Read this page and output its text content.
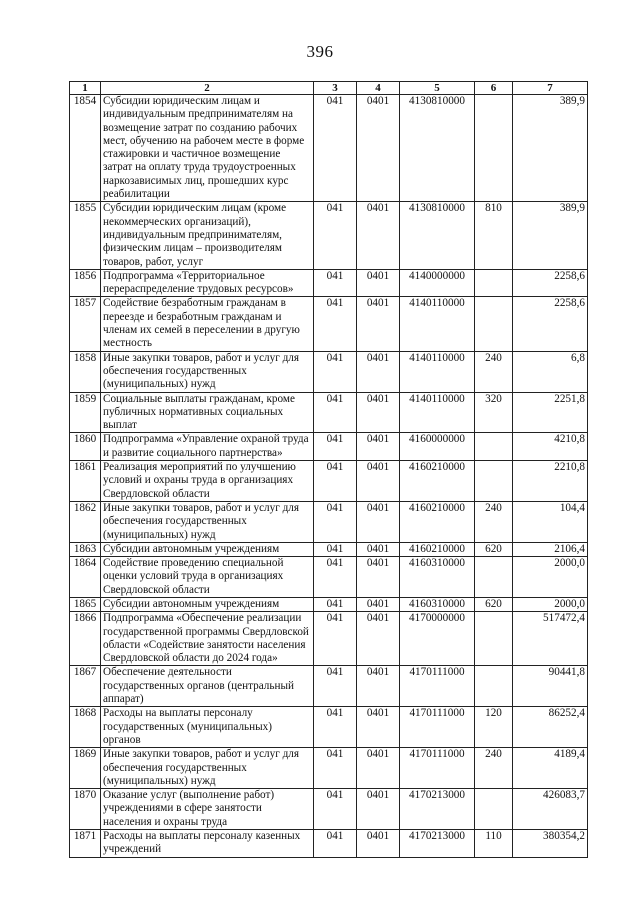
396
1	2	3	4	5	6	7
1854	Субсидии юридическим лицам и индивидуальным предпринимателям на возмещение затрат по созданию рабочих мест, обучению на рабочем месте в форме стажировки и частичное возмещение затрат на оплату труда трудоустроенных наркозависимых лиц, прошедших курс реабилитации	041	0401	4130810000		389,9
1855	Субсидии юридическим лицам (кроме некоммерческих организаций), индивидуальным предпринимателям, физическим лицам – производителям товаров, работ, услуг	041	0401	4130810000	810	389,9
1856	Подпрограмма «Территориальное перераспределение трудовых ресурсов»	041	0401	4140000000		2258,6
1857	Содействие безработным гражданам в переезде и безработным гражданам и членам их семей в переселении в другую местность	041	0401	4140110000		2258,6
1858	Иные закупки товаров, работ и услуг для обеспечения государственных (муниципальных) нужд	041	0401	4140110000	240	6,8
1859	Социальные выплаты гражданам, кроме публичных нормативных социальных выплат	041	0401	4140110000	320	2251,8
1860	Подпрограмма «Управление охраной труда и развитие социального партнерства»	041	0401	4160000000		4210,8
1861	Реализация мероприятий по улучшению условий и охраны труда в организациях Свердловской области	041	0401	4160210000		2210,8
1862	Иные закупки товаров, работ и услуг для обеспечения государственных (муниципальных) нужд	041	0401	4160210000	240	104,4
1863	Субсидии автономным учреждениям	041	0401	4160210000	620	2106,4
1864	Содействие проведению специальной оценки условий труда в организациях Свердловской области	041	0401	4160310000		2000,0
1865	Субсидии автономным учреждениям	041	0401	4160310000	620	2000,0
1866	Подпрограмма «Обеспечение реализации государственной программы Свердловской области «Содействие занятости населения Свердловской области до 2024 года»	041	0401	4170000000		517472,4
1867	Обеспечение деятельности государственных органов (центральный аппарат)	041	0401	4170111000		90441,8
1868	Расходы на выплаты персоналу государственных (муниципальных) органов	041	0401	4170111000	120	86252,4
1869	Иные закупки товаров, работ и услуг для обеспечения государственных (муниципальных) нужд	041	0401	4170111000	240	4189,4
1870	Оказание услуг (выполнение работ) учреждениями в сфере занятости населения и охраны труда	041	0401	4170213000		426083,7
1871	Расходы на выплаты персоналу казенных учреждений	041	0401	4170213000	110	380354,2
